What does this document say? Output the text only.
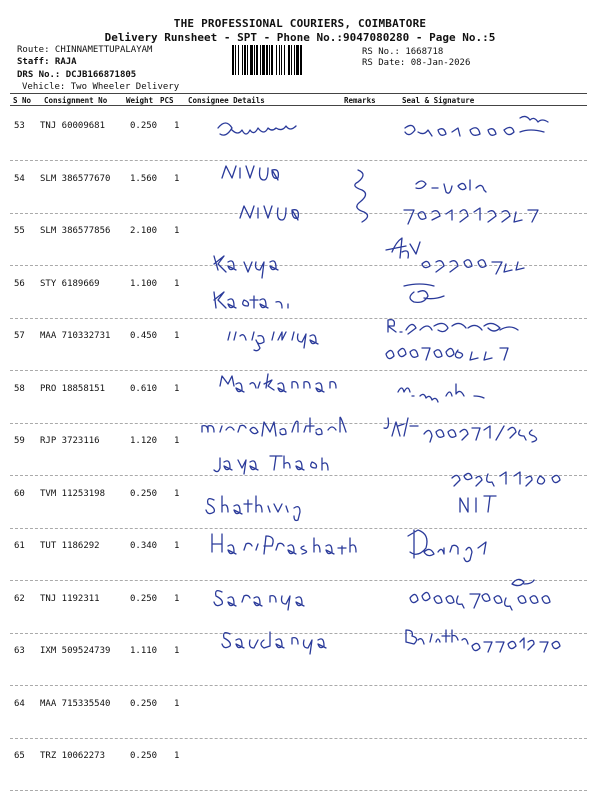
THE PROFESSIONAL COURIERS, COIMBATORE
Delivery Runsheet - SPT - Phone No.:9047080280 - Page No.:5
Route: CHINNAMETTUPALAYAM
Staff: RAJA
DRS No.: DCJB166871805
Vehicle: Two Wheeler Delivery
RS No.: 1668718
RS Date: 08-Jan-2026
S No Consignment No	Weight PCS Consignee Details	Remarks	Seal & Signature
53 TNJ 60009681	0.250 1
54 SLM 386577670 1.560 1
55 SLM 386577856 2.100 1
56 STY 6189669	1.100 1
57 MAA 710332731 0.450 1
58 PRO 18858151	0.610 1
59 RJP 3723116	1.120 1
60 TVM 11253198	0.250 1
61 TUT 1186292	0.340 1
62 TNJ 1192311	0.250 1
63 IXM 509524739 1.110 1
64 MAA 715335540 0.250 1
65 TRZ 10062273	0.250 1
